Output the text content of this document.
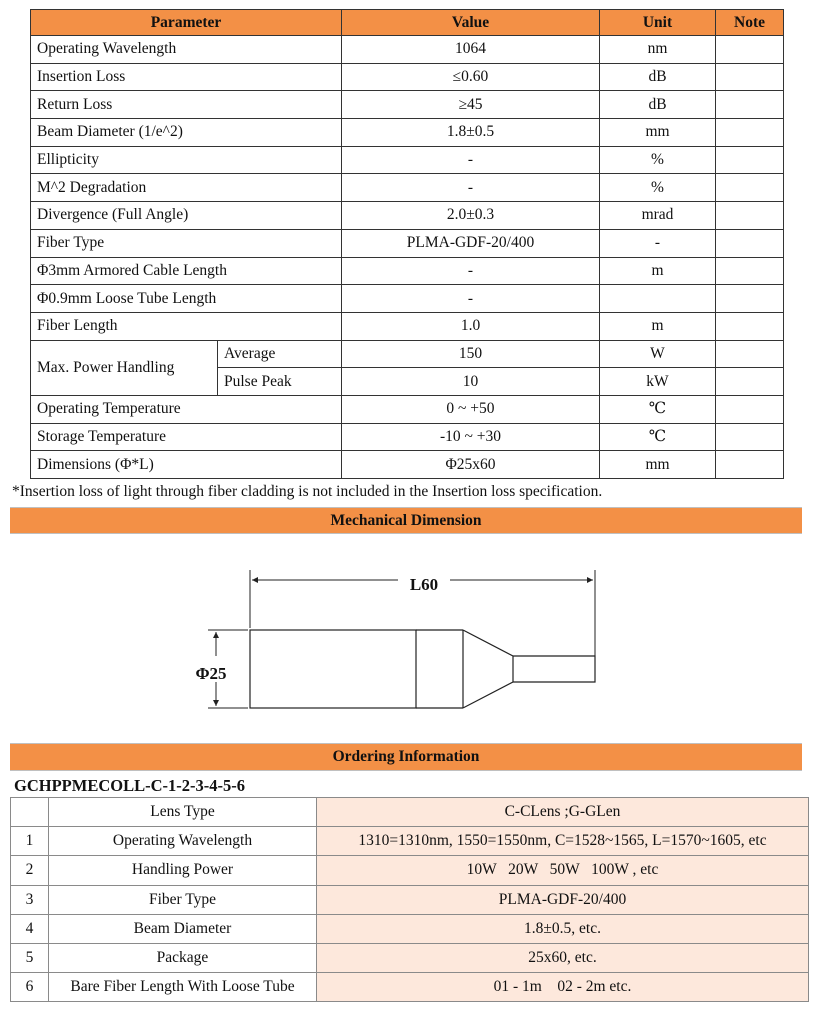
Parameter		Value	Unit	Note
Operating Wavelength		1064	nm	
Insertion Loss		≤0.60	dB	
Return Loss		≥45	dB	
Beam Diameter (1/e^2)		1.8±0.5	mm	
Ellipticity		-	%	
M^2 Degradation		-	%	
Divergence (Full Angle)		2.0±0.3	mrad	
Fiber Type		PLMA-GDF-20/400	-	
Φ3mm Armored Cable Length		-	m	
Φ0.9mm Loose Tube Length		-		
Fiber Length		1.0	m	
Max. Power Handling	Average	150	W	
	Pulse Peak	10	kW	
Operating Temperature		0 ~ +50	℃	
Storage Temperature		-10 ~ +30	℃	
Dimensions (Φ*L)		Φ25x60	mm	
*Insertion loss of light through fiber cladding is not included in the Insertion loss specification.
Mechanical Dimension
L60
Φ25
Ordering Information
GCHPPMECOLL-C-1-2-3-4-5-6
	Lens Type	C-CLens ;G-GLen
1	Operating Wavelength	1310=1310nm, 1550=1550nm, C=1528~1565, L=1570~1605, etc
2	Handling Power	10W   20W   50W   100W , etc
3	Fiber Type	PLMA-GDF-20/400
4	Beam Diameter	1.8±0.5, etc.
5	Package	25x60, etc.
6	Bare Fiber Length With Loose Tube	01 - 1m    02 - 2m etc.
